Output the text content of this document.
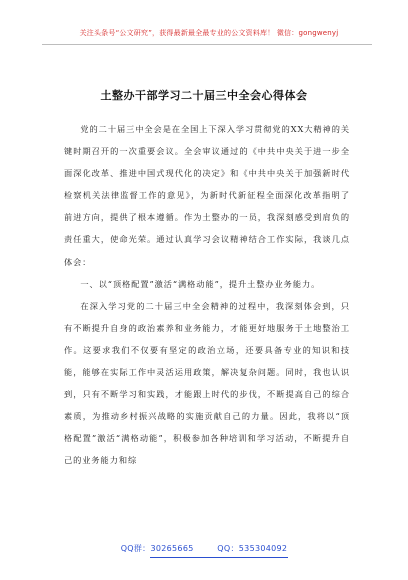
关注头条号“公文研究”，获得最新最全最专业的公文资料库！ 微信：gongwenyj
土整办干部学习二十届三中全会心得体会

党的二十届三中全会是在全国上下深入学习贯彻党的XX大精神的关键时期召开的一次重要会议。全会审议通过的《中共中央关于进一步全面深化改革、推进中国式现代化的决定》和《中共中央关于加强新时代检察机关法律监督工作的意见》，为新时代新征程全面深化改革指明了前进方向，提供了根本遵循。作为土整办的一员，我深刻感受到肩负的责任重大，使命光荣。通过认真学习会议精神结合工作实际，我谈几点体会：

一、以“顶格配置”激活“满格动能”，提升土整办业务能力。

在深入学习党的二十届三中全会精神的过程中，我深刻体会到，只有不断提升自身的政治素养和业务能力，才能更好地服务于土地整治工作。这要求我们不仅要有坚定的政治立场，还要具备专业的知识和技能，能够在实际工作中灵活运用政策，解决复杂问题。同时，我也认识到，只有不断学习和实践，才能跟上时代的步伐，不断提高自己的综合素质，为推动乡村振兴战略的实施贡献自己的力量。因此，我将以“顶格配置”激活“满格动能”，积极参加各种培训和学习活动，不断提升自己的业务能力和综

QQ群：30265665	QQ：535304092
